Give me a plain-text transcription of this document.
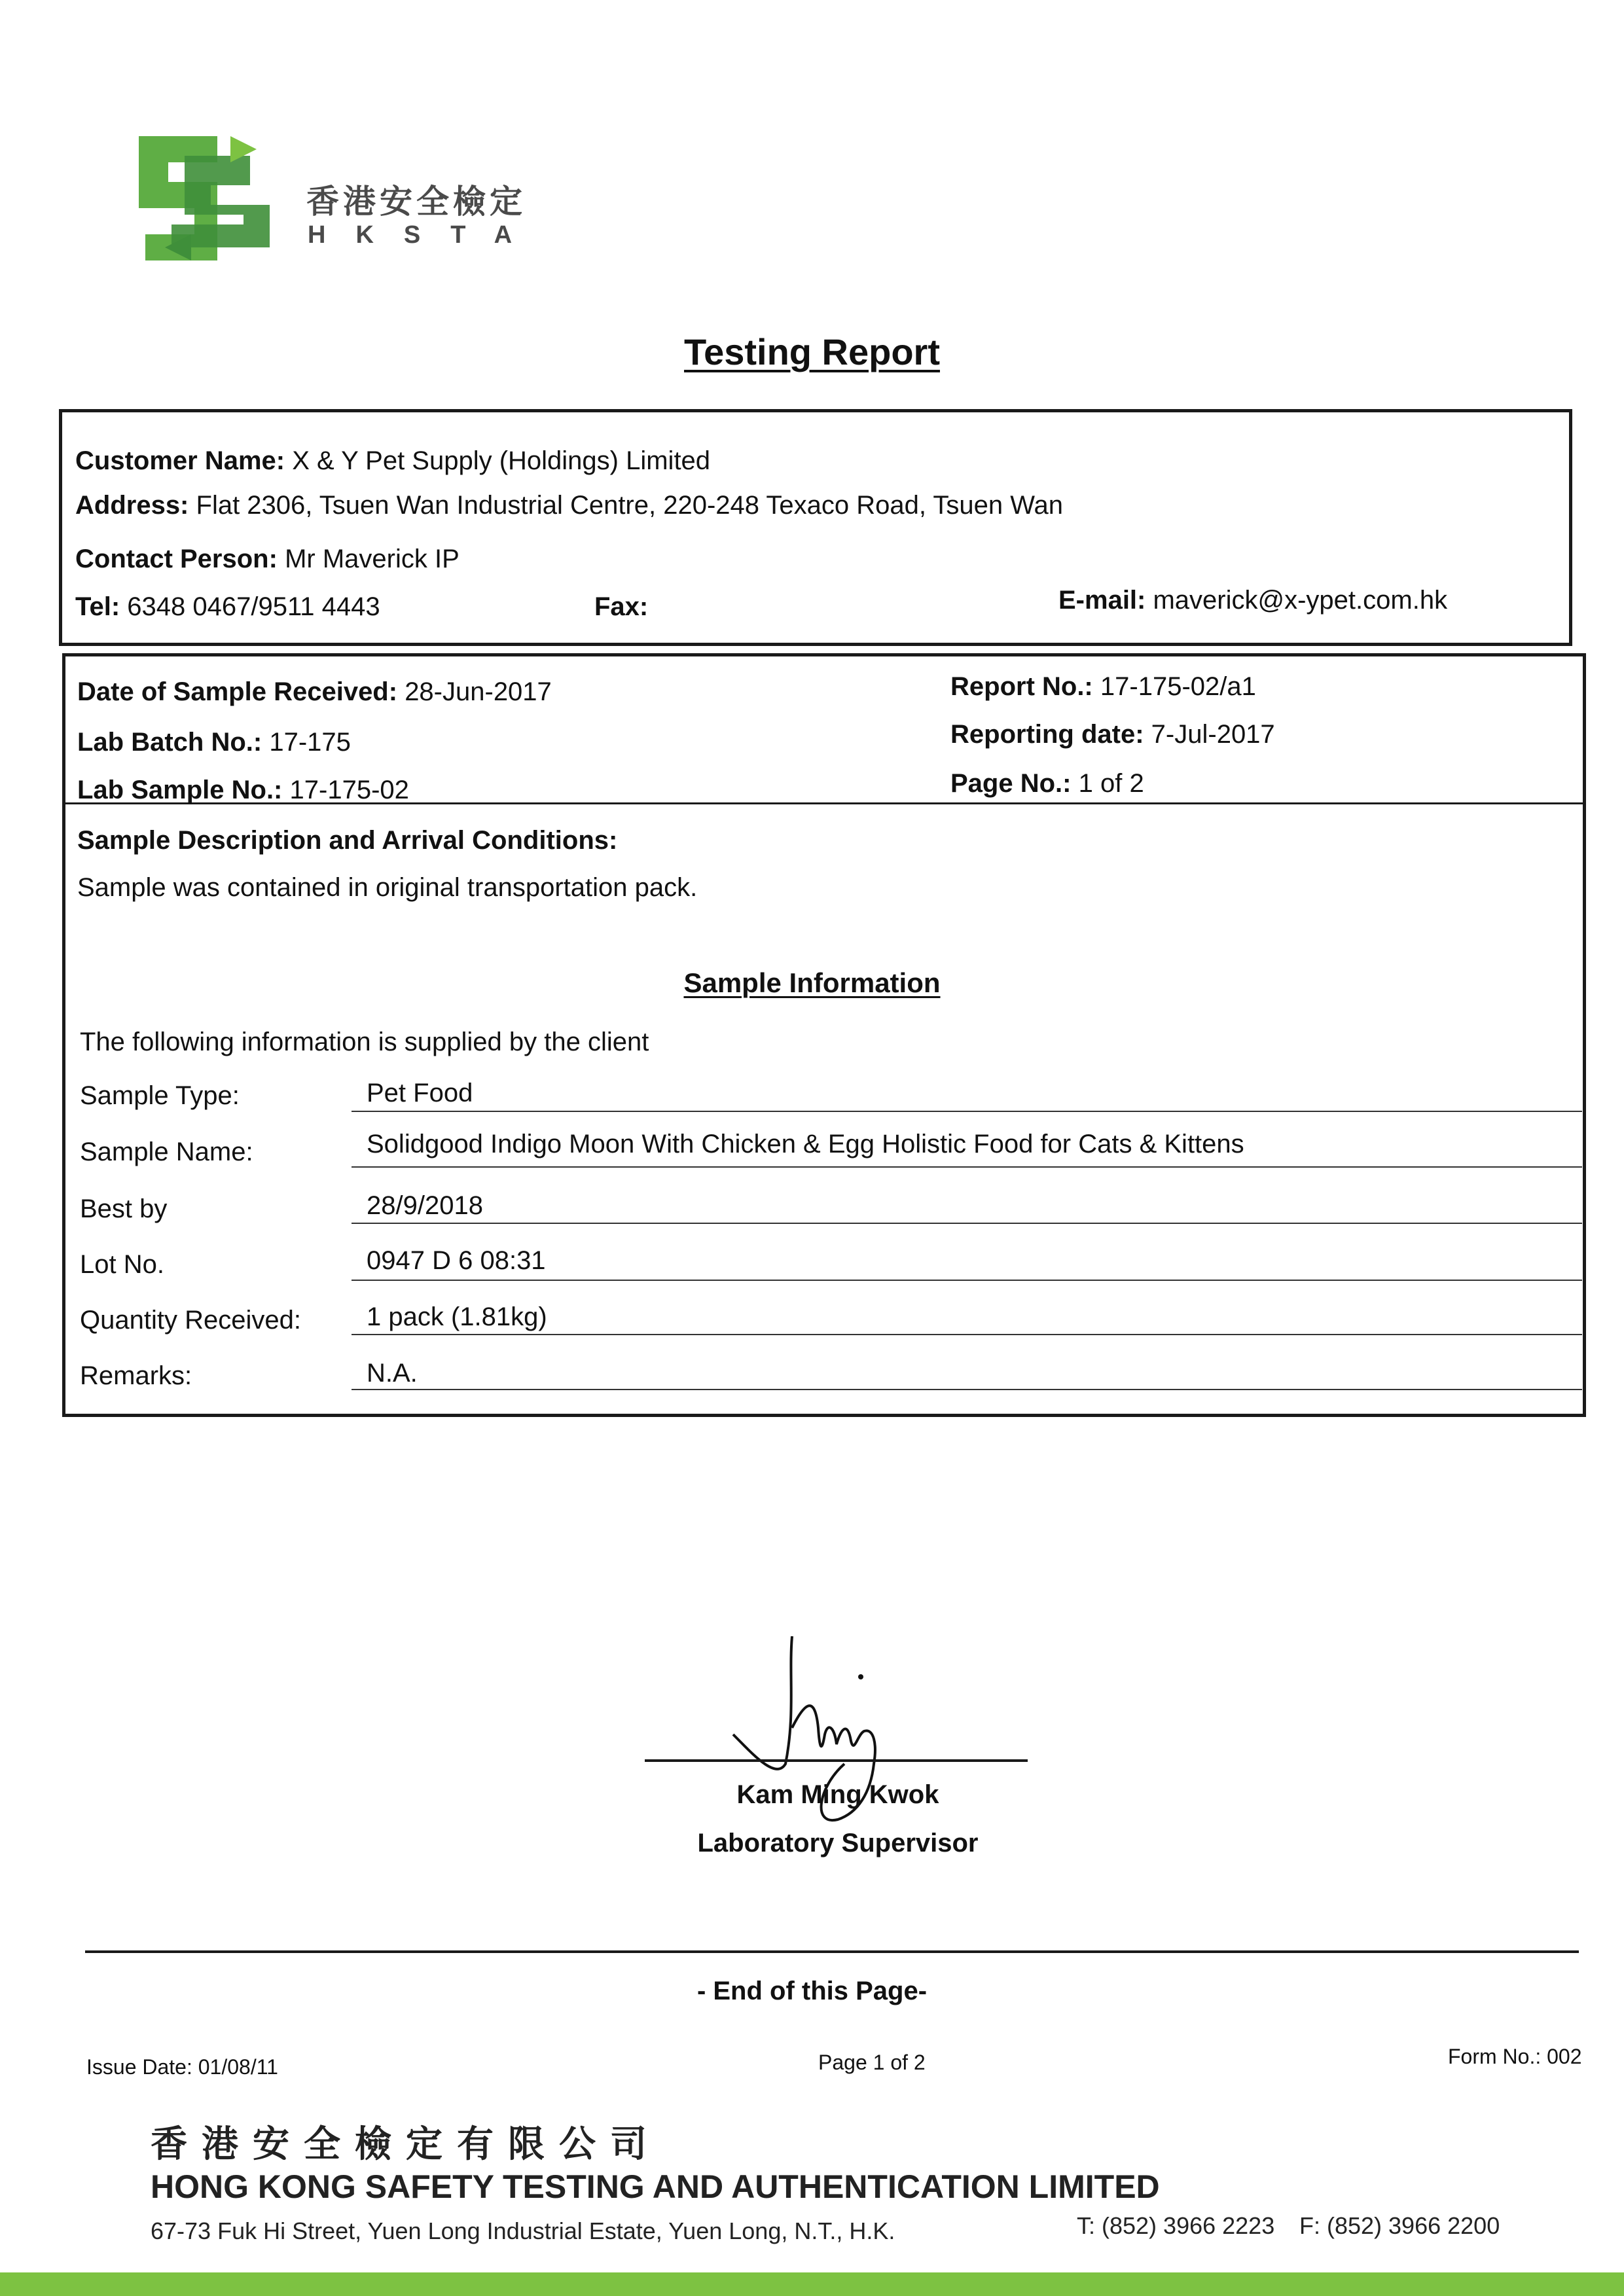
香港安全檢定
HKSTA
Testing Report
Customer Name: X & Y Pet Supply (Holdings) Limited
Address: Flat 2306, Tsuen Wan Industrial Centre, 220-248 Texaco Road, Tsuen Wan
Contact Person: Mr Maverick IP
Tel: 6348 0467/9511 4443	Fax:	E-mail: maverick@x-ypet.com.hk
Date of Sample Received: 28-Jun-2017
Lab Batch No.: 17-175
Lab Sample No.: 17-175-02
Report No.: 17-175-02/a1
Reporting date: 7-Jul-2017
Page No.: 1 of 2
Sample Description and Arrival Conditions:
Sample was contained in original transportation pack.
Sample Information
The following information is supplied by the client
Sample Type:	Pet Food
Sample Name:	Solidgood Indigo Moon With Chicken & Egg Holistic Food for Cats & Kittens
Best by	28/9/2018
Lot No.	0947 D 6 08:31
Quantity Received:	1 pack (1.81kg)
Remarks:	N.A.
Kam Ming Kwok
Laboratory Supervisor
- End of this Page-
Issue Date: 01/08/11	Page 1 of 2	Form No.: 002
香港安全檢定有限公司
HONG KONG SAFETY TESTING AND AUTHENTICATION LIMITED
67-73 Fuk Hi Street, Yuen Long Industrial Estate, Yuen Long, N.T., H.K.	T: (852) 3966 2223 F: (852) 3966 2200
